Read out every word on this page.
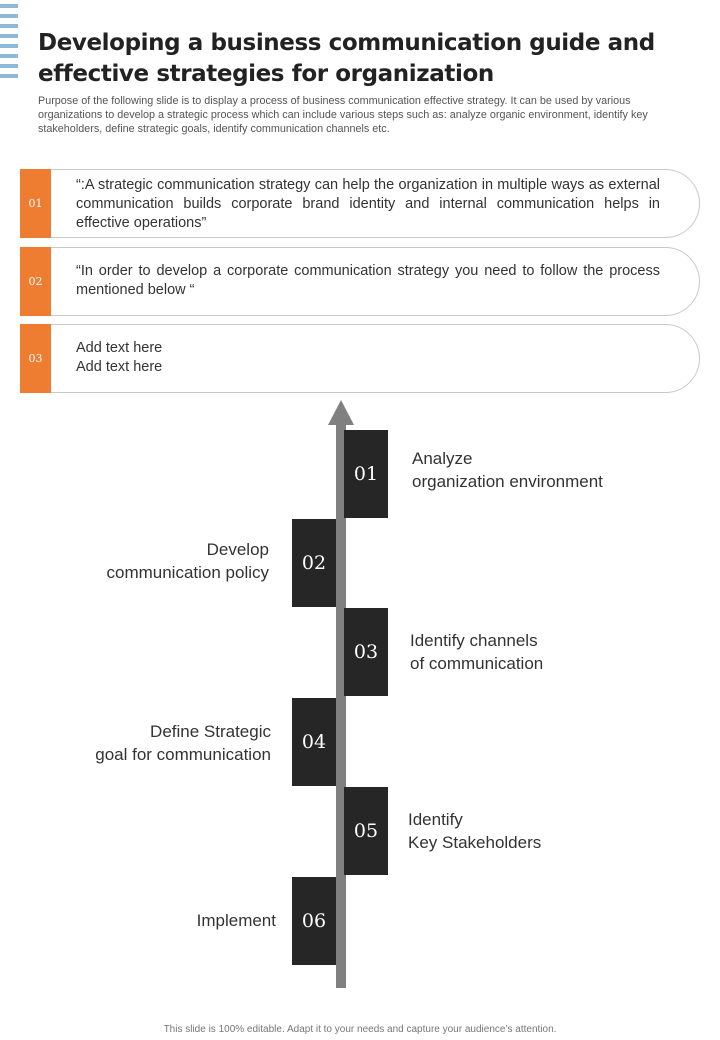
Developing a business communication guide and effective strategies for organization

Purpose of the following slide is to display a process of business communication effective strategy. It can be used by various organizations to develop a strategic process which can include various steps such as: analyze organic environment, identify key stakeholders, define strategic goals, identify communication channels etc.

01
“:A strategic communication strategy can help the organization in multiple ways as external communication builds corporate brand identity and internal communication helps in effective operations”
02
“In order to develop a corporate communication strategy you need to follow the process mentioned below “
03
Add text here
Add text here
01
Analyze
organization environment
02
Develop
communication policy
03
Identify channels
of communication
04
Define Strategic
goal for communication
05
Identify
Key Stakeholders
06
Implement
This slide is 100% editable. Adapt it to your needs and capture your audience’s attention.
